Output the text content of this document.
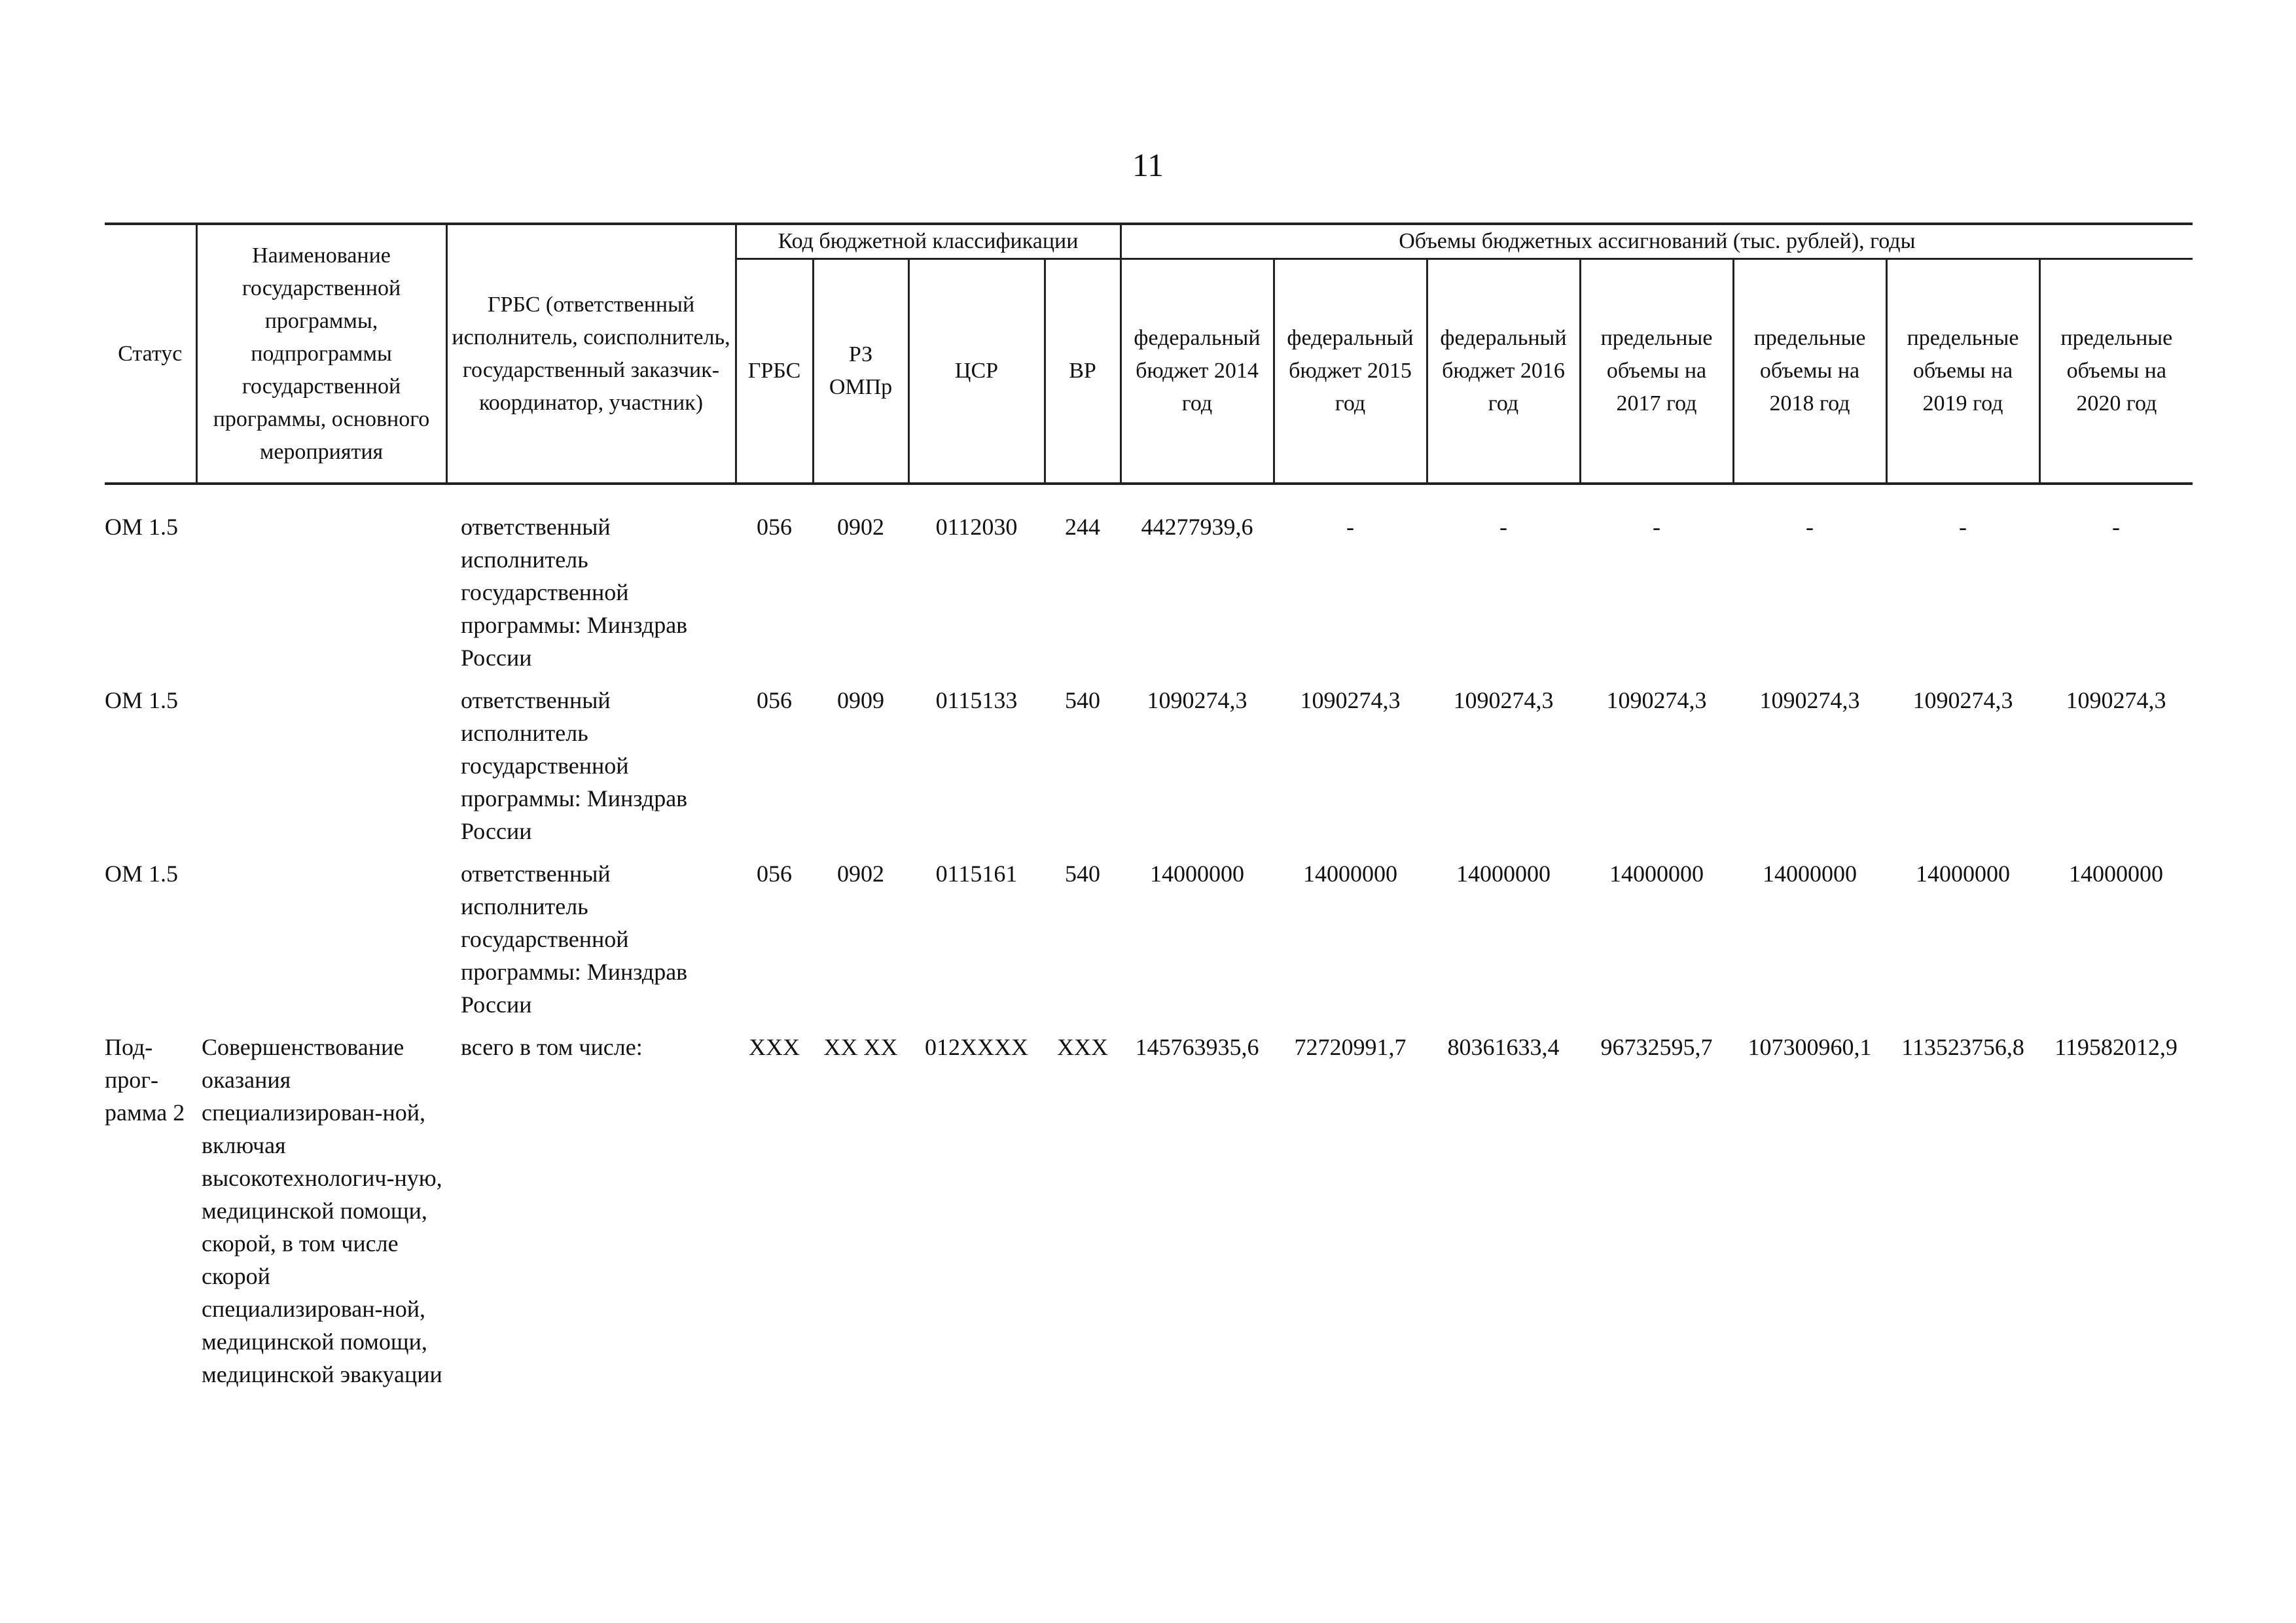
11
Статус	Наименование государственной программы, подпрограммы государственной программы, основного мероприятия	ГРБС (ответственный исполнитель, соисполнитель, государственный заказчик-координатор, участник)	Код бюджетной классификации				Объемы бюджетных ассигнований (тыс. рублей), годы						
			ГРБС	РЗ ОМПр	ЦСР	ВР	федеральный бюджет 2014 год	федеральный бюджет 2015 год	федеральный бюджет 2016 год	предельные объемы на 2017 год	предельные объемы на 2018 год	предельные объемы на 2019 год	предельные объемы на 2020 год
ОМ 1.5		ответственный исполнитель государственной программы: Минздрав России	056	0902	0112030	244	44277939,6	-	-	-	-	-	-
ОМ 1.5		ответственный исполнитель государственной программы: Минздрав России	056	0909	0115133	540	1090274,3	1090274,3	1090274,3	1090274,3	1090274,3	1090274,3	1090274,3
ОМ 1.5		ответственный исполнитель государственной программы: Минздрав России	056	0902	0115161	540	14000000	14000000	14000000	14000000	14000000	14000000	14000000
Под-прог-рамма 2	Совершенствование оказания специализирован-ной, включая высокотехнологич-ную, медицинской помощи, скорой, в том числе скорой специализирован-ной, медицинской помощи, медицинской эвакуации	всего в том числе:	XXX	XX XX	012XXXX	XXX	145763935,6	72720991,7	80361633,4	96732595,7	107300960,1	113523756,8	119582012,9
